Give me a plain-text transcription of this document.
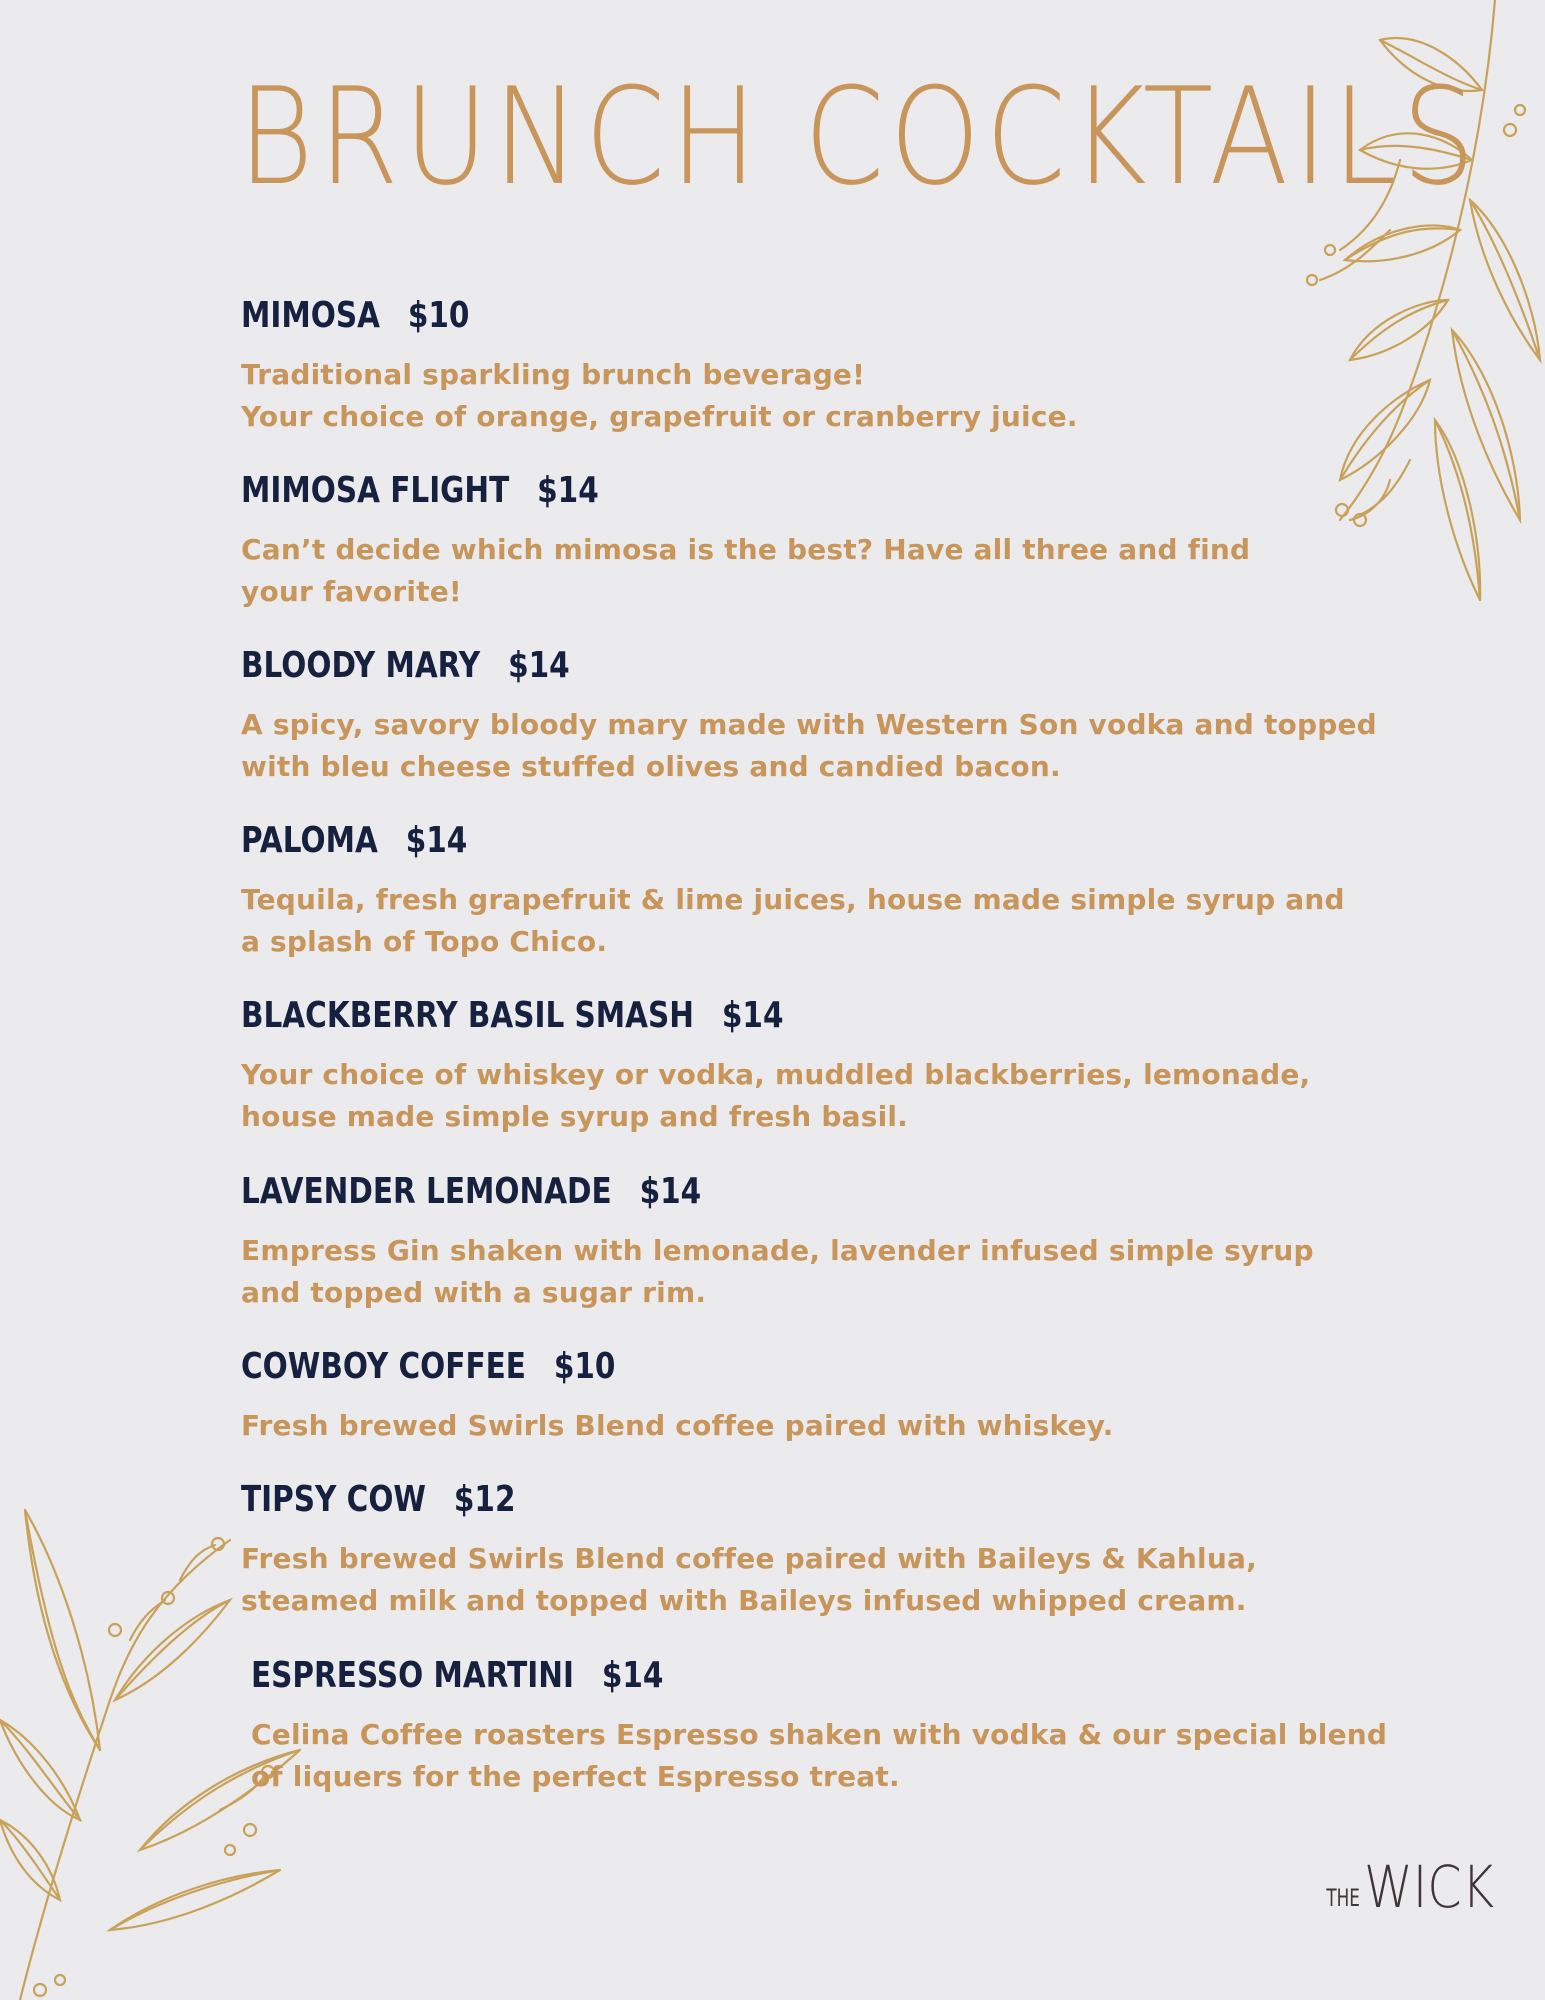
BRUNCH COCKTAILS
MIMOSA $10
Traditional sparkling brunch beverage!
Your choice of orange, grapefruit or cranberry juice.
MIMOSA FLIGHT $14
Can’t decide which mimosa is the best? Have all three and find
your favorite!
BLOODY MARY $14
A spicy, savory bloody mary made with Western Son vodka and topped
with bleu cheese stuffed olives and candied bacon.
PALOMA $14
Tequila, fresh grapefruit & lime juices, house made simple syrup and
a splash of Topo Chico.
BLACKBERRY BASIL SMASH $14
Your choice of whiskey or vodka, muddled blackberries, lemonade,
house made simple syrup and fresh basil.
LAVENDER LEMONADE $14
Empress Gin shaken with lemonade, lavender infused simple syrup
and topped with a sugar rim.
COWBOY COFFEE $10
Fresh brewed Swirls Blend coffee paired with whiskey.
TIPSY COW $12
Fresh brewed Swirls Blend coffee paired with Baileys & Kahlua,
steamed milk and topped with Baileys infused whipped cream.
ESPRESSO MARTINI $14
Celina Coffee roasters Espresso shaken with vodka & our special blend
of liquers for the perfect Espresso treat.
THE WICK
